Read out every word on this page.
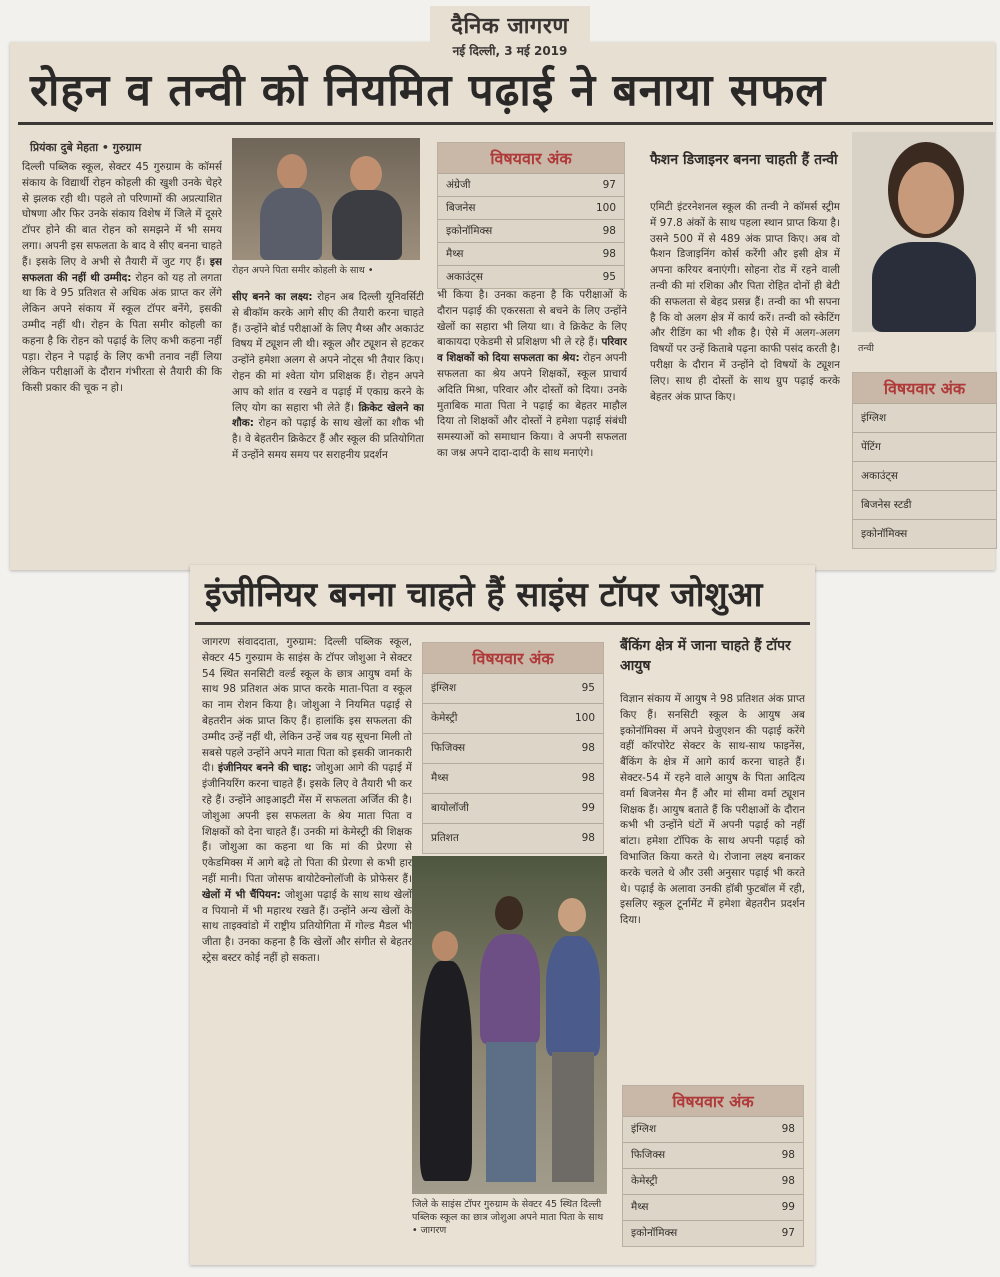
दैनिक जागरण
नई दिल्ली, 3 मई 2019
रोहन व तन्वी को नियमित पढ़ाई ने बनाया सफल
प्रियंका दुबे मेहता • गुरुग्राम
दिल्ली पब्लिक स्कूल, सेक्टर 45 गुरुग्राम के कॉमर्स संकाय के विद्यार्थी रोहन कोहली की खुशी उनके चेहरे से झलक रही थी। पहले तो परिणामों की अप्रत्याशित घोषणा और फिर उनके संकाय विशेष में जिले में दूसरे टॉपर होने की बात रोहन को समझने में भी समय लगा। अपनी इस सफलता के बाद वे सीए बनना चाहते हैं। इसके लिए वे अभी से तैयारी में जुट गए हैं। इस सफलता की नहीं थी उम्मीद: रोहन को यह तो लगता था कि वे 95 प्रतिशत से अधिक अंक प्राप्त कर लेंगे लेकिन अपने संकाय में स्कूल टॉपर बनेंगे, इसकी उम्मीद नहीं थी। रोहन के पिता समीर कोहली का कहना है कि रोहन को पढ़ाई के लिए कभी कहना नहीं पड़ा। रोहन ने पढ़ाई के लिए कभी तनाव नहीं लिया लेकिन परीक्षाओं के दौरान गंभीरता से तैयारी की कि किसी प्रकार की चूक न हो।
रोहन अपने पिता समीर कोहली के साथ •
सीए बनने का लक्ष्य: रोहन अब दिल्ली यूनिवर्सिटी से बीकॉम करके आगे सीए की तैयारी करना चाहते हैं। उन्होंने बोर्ड परीक्षाओं के लिए मैथ्स और अकाउंट विषय में ट्यूशन ली थी। स्कूल और ट्यूशन से हटकर उन्होंने हमेशा अलग से अपने नोट्स भी तैयार किए। रोहन की मां श्वेता योग प्रशिक्षक हैं। रोहन अपने आप को शांत व रखने व पढ़ाई में एकाग्र करने के लिए योग का सहारा भी लेते हैं। क्रिकेट खेलने का शौक: रोहन को पढ़ाई के साथ खेलों का शौक भी है। वे बेहतरीन क्रिकेटर हैं और स्कूल की प्रतियोगिता में उन्होंने समय समय पर सराहनीय प्रदर्शन
विषयवार अंक
अंग्रेजी	97
बिजनेस	100
इकोनॉमिक्स	98
मैथ्स	98
अकाउंट्स	95
भी किया है। उनका कहना है कि परीक्षाओं के दौरान पढ़ाई की एकरसता से बचने के लिए उन्होंने खेलों का सहारा भी लिया था। वे क्रिकेट के लिए बाकायदा एकेडमी से प्रशिक्षण भी ले रहे हैं। परिवार व शिक्षकों को दिया सफलता का श्रेय: रोहन अपनी सफलता का श्रेय अपने शिक्षकों, स्कूल प्राचार्य अदिति मिश्रा, परिवार और दोस्तों को दिया। उनके मुताबिक माता पिता ने पढ़ाई का बेहतर माहौल दिया तो शिक्षकों और दोस्तों ने हमेशा पढ़ाई संबंधी समस्याओं को समाधान किया। वे अपनी सफलता का जश्न अपने दादा-दादी के साथ मनाएंगे।
फैशन डिजाइनर बनना चाहती हैं तन्वी
एमिटी इंटरनेशनल स्कूल की तन्वी ने कॉमर्स स्ट्रीम में 97.8 अंकों के साथ पहला स्थान प्राप्त किया है। उसने 500 में से 489 अंक प्राप्त किए। अब वो फैशन डिजाइनिंग कोर्स करेंगी और इसी क्षेत्र में अपना करियर बनाएंगी। सोहना रोड में रहने वाली तन्वी की मां रशिका और पिता रोहित दोनों ही बेटी की सफलता से बेहद प्रसन्न हैं। तन्वी का भी सपना है कि वो अलग क्षेत्र में कार्य करें। तन्वी को स्केटिंग और रीडिंग का भी शौक है। ऐसे में अलग-अलग विषयों पर उन्हें किताबे पढ़ना काफी पसंद करती है। परीक्षा के दौरान में उन्होंने दो विषयों के ट्यूशन लिए। साथ ही दोस्तों के साथ ग्रुप पढ़ाई करके बेहतर अंक प्राप्त किए।
तन्वी
विषयवार अंक
इंग्लिश
पेंटिंग
अकाउंट्स
बिजनेस स्टडी
इकोनॉमिक्स
इंजीनियर बनना चाहते हैं साइंस टॉपर जोशुआ
जागरण संवाददाता, गुरुग्राम: दिल्ली पब्लिक स्कूल, सेक्टर 45 गुरुग्राम के साइंस के टॉपर जोशुआ ने सेक्टर 54 स्थित सनसिटी वर्ल्ड स्कूल के छात्र आयुष वर्मा के साथ 98 प्रतिशत अंक प्राप्त करके माता-पिता व स्कूल का नाम रोशन किया है। जोशुआ ने नियमित पढ़ाई से बेहतरीन अंक प्राप्त किए हैं। हालांकि इस सफलता की उम्मीद उन्हें नहीं थी, लेकिन उन्हें जब यह सूचना मिली तो सबसे पहले उन्होंने अपने माता पिता को इसकी जानकारी दी। इंजीनियर बनने की चाह: जोशुआ आगे की पढ़ाई में इंजीनियरिंग करना चाहते हैं। इसके लिए वे तैयारी भी कर रहे हैं। उन्होंने आइआइटी मेंस में सफलता अर्जित की है। जोशुआ अपनी इस सफलता के श्रेय माता पिता व शिक्षकों को देना चाहते हैं। उनकी मां केमेस्ट्री की शिक्षक हैं। जोशुआ का कहना था कि मां की प्रेरणा से एकेडमिक्स में आगे बढ़े तो पिता की प्रेरणा से कभी हार नहीं मानी। पिता जोसफ बायोटेक्नोलॉजी के प्रोफेसर हैं। खेलों में भी चैंपियन: जोशुआ पढ़ाई के साथ साथ खेलों व पियानो में भी महारथ रखते हैं। उन्होंने अन्य खेलों के साथ ताइक्वांडो में राष्ट्रीय प्रतियोगिता में गोल्ड मैडल भी जीता है। उनका कहना है कि खेलों और संगीत से बेहतर स्ट्रेस बस्टर कोई नहीं हो सकता।
विषयवार अंक
इंग्लिश	95
केमेस्ट्री	100
फिजिक्स	98
मैथ्स	98
बायोलॉजी	99
प्रतिशत	98
जिले के साइंस टॉपर गुरुग्राम के सेक्टर 45 स्थित दिल्ली पब्लिक स्कूल का छात्र जोशुआ अपने माता पिता के साथ • जागरण
बैंकिंग क्षेत्र में जाना चाहते हैं टॉपर आयुष
विज्ञान संकाय में आयुष ने 98 प्रतिशत अंक प्राप्त किए हैं। सनसिटी स्कूल के आयुष अब इकोनॉमिक्स में अपने ग्रेजुएशन की पढ़ाई करेंगे वहीं कॉरपोरेट सेक्टर के साथ-साथ फाइनेंस, बैंकिंग के क्षेत्र में आगे कार्य करना चाहते हैं। सेक्टर-54 में रहने वाले आयुष के पिता आदित्य वर्मा बिजनेस मैन हैं और मां सीमा वर्मा ट्यूशन शिक्षक हैं। आयुष बताते हैं कि परीक्षाओं के दौरान कभी भी उन्होंने घंटों में अपनी पढ़ाई को नहीं बांटा। हमेशा टॉपिक के साथ अपनी पढ़ाई को विभाजित किया करते थे। रोजाना लक्ष्य बनाकर करके चलते थे और उसी अनुसार पढ़ाई भी करते थे। पढ़ाई के अलावा उनकी हॉबी फुटबॉल में रही, इसलिए स्कूल टूर्नामेंट में हमेशा बेहतरीन प्रदर्शन दिया।
विषयवार अंक
इंग्लिश	98
फिजिक्स	98
केमेस्ट्री	98
मैथ्स	99
इकोनॉमिक्स	97
